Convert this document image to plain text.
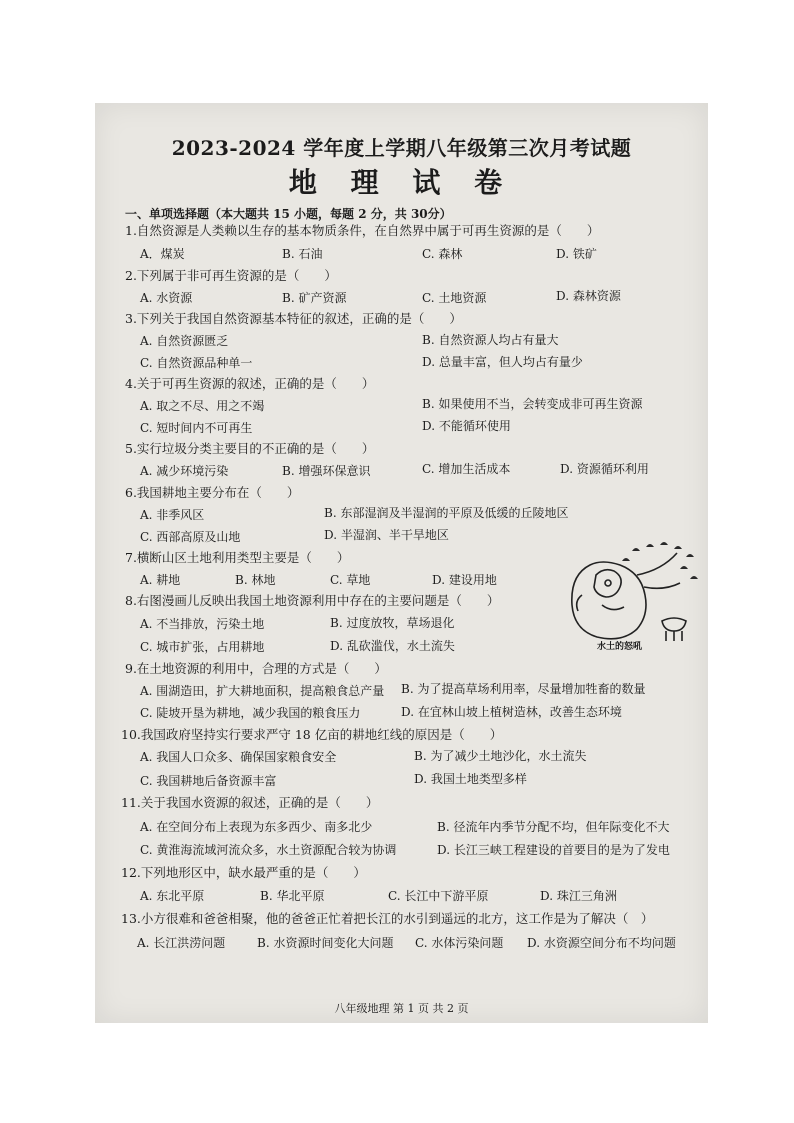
2023-2024 学年度上学期八年级第三次月考试题
地 理 试 卷
一、单项选择题（本大题共 15 小题，每题 2 分，共 30分）
1.自然资源是人类赖以生存的基本物质条件，在自然界中属于可再生资源的是（　　）
A．煤炭	B. 石油	C. 森林	D. 铁矿
2.下列属于非可再生资源的是（　　）
A. 水资源	B. 矿产资源	C. 土地资源	D. 森林资源
3.下列关于我国自然资源基本特征的叙述，正确的是（　　）
A. 自然资源匮乏	B. 自然资源人均占有量大
C. 自然资源品种单一	D. 总量丰富，但人均占有量少
4.关于可再生资源的叙述，正确的是（　　）
A. 取之不尽、用之不竭	B. 如果使用不当，会转变成非可再生资源
C. 短时间内不可再生	D. 不能循环使用
5.实行垃圾分类主要目的不正确的是（　　）
A. 减少环境污染	B. 增强环保意识	C. 增加生活成本	D. 资源循环利用
6.我国耕地主要分布在（　　）
A. 非季风区	B. 东部湿润及半湿润的平原及低缓的丘陵地区
C. 西部高原及山地	D. 半湿润、半干旱地区
7.横断山区土地利用类型主要是（　　）
A. 耕地	B. 林地	C. 草地	D. 建设用地
8.右图漫画儿反映出我国土地资源利用中存在的主要问题是（　　）
A. 不当排放，污染土地	B. 过度放牧，草场退化
C. 城市扩张，占用耕地	D. 乱砍滥伐，水土流失	水土的怒吼
9.在土地资源的利用中，合理的方式是（　　）
A. 围湖造田，扩大耕地面积，提高粮食总产量 B. 为了提高草场利用率，尽量增加牲畜的数量
C. 陡坡开垦为耕地，减少我国的粮食压力	D. 在宜林山坡上植树造林，改善生态环境
10.我国政府坚持实行要求严守 18 亿亩的耕地红线的原因是（　　）
A. 我国人口众多、确保国家粮食安全	B. 为了减少土地沙化，水土流失
C. 我国耕地后备资源丰富	D. 我国土地类型多样
11.关于我国水资源的叙述，正确的是（　　）
A. 在空间分布上表现为东多西少、南多北少	B. 径流年内季节分配不均，但年际变化不大
C. 黄淮海流域河流众多，水土资源配合较为协调	D. 长江三峡工程建设的首要目的是为了发电
12.下列地形区中，缺水最严重的是（　　）
A. 东北平原	B. 华北平原	C. 长江中下游平原	D. 珠江三角洲
13.小方很难和爸爸相聚，他的爸爸正忙着把长江的水引到遥远的北方，这工作是为了解决（　）
A. 长江洪涝问题	B. 水资源时间变化大问题 C. 水体污染问题 D. 水资源空间分布不均问题
八年级地理 第 1 页 共 2 页
